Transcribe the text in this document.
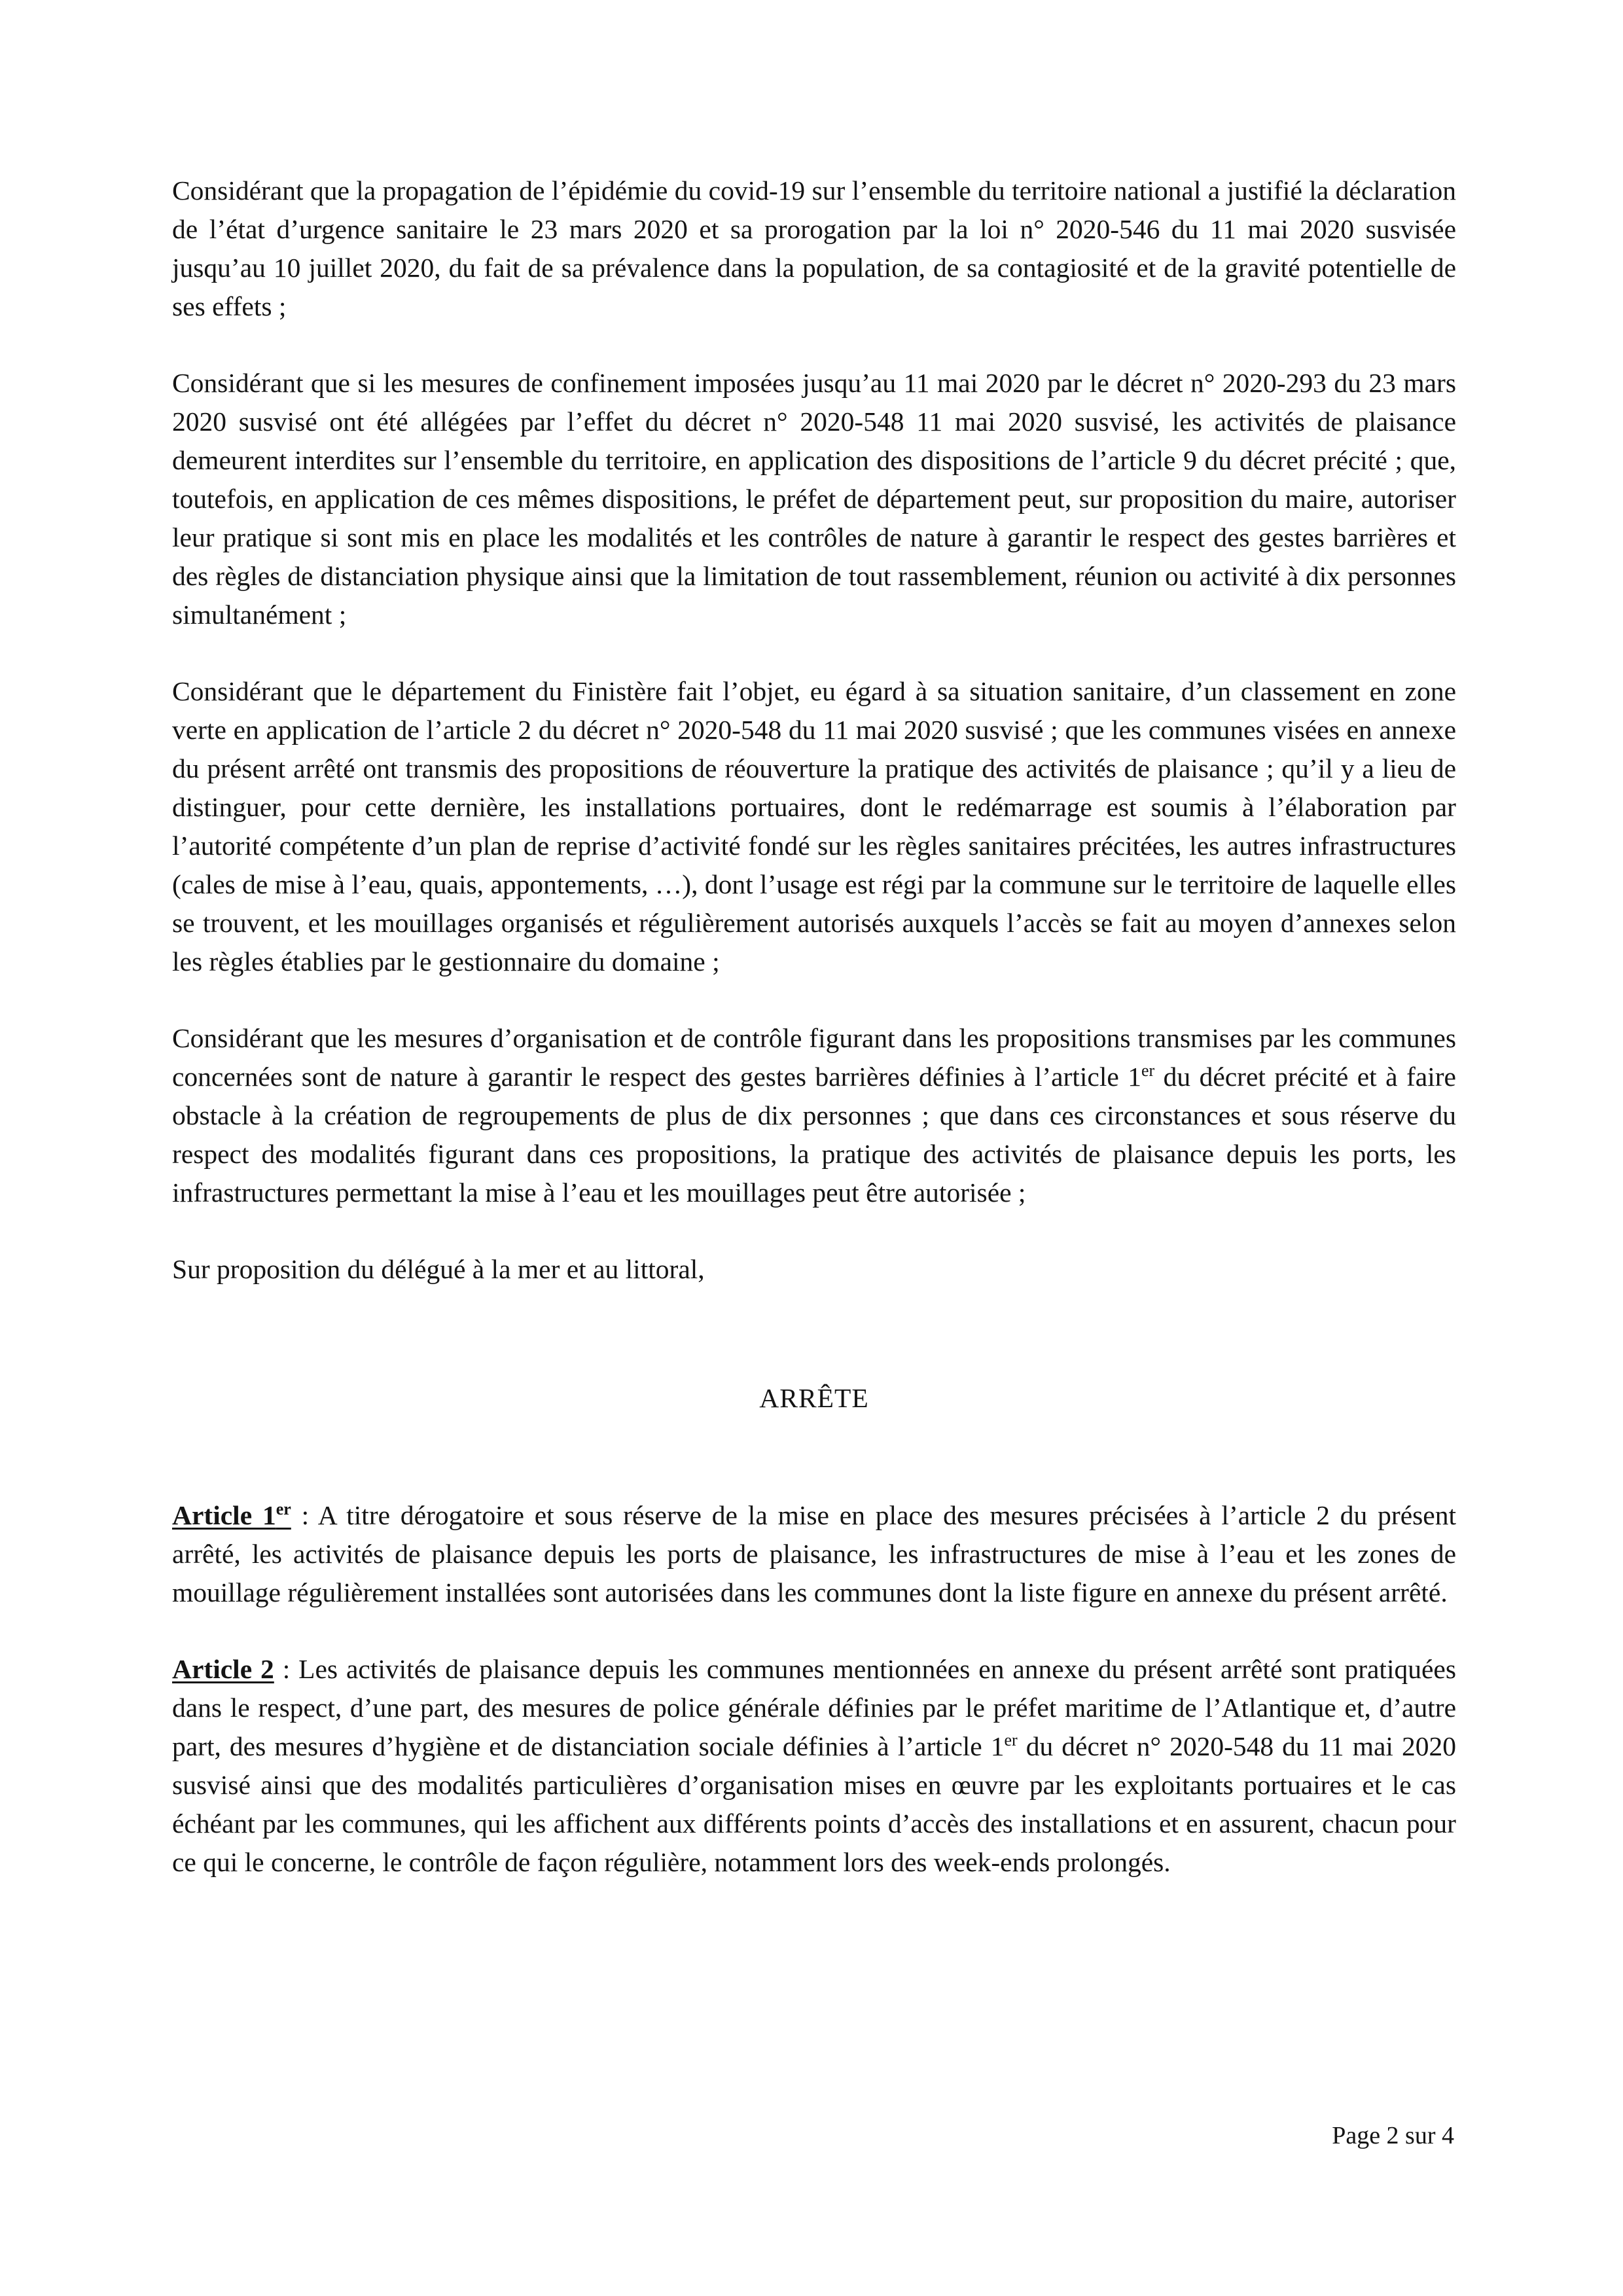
Considérant que la propagation de l’épidémie du covid-19 sur l’ensemble du territoire national a justifié la déclaration de l’état d’urgence sanitaire le 23 mars 2020 et sa prorogation par la loi n° 2020-546 du 11 mai 2020 susvisée jusqu’au 10 juillet 2020, du fait de sa prévalence dans la population, de sa contagiosité et de la gravité potentielle de ses effets ;

Considérant que si les mesures de confinement imposées jusqu’au 11 mai 2020 par le décret n° 2020-293 du 23 mars 2020 susvisé ont été allégées par l’effet du décret n° 2020-548 11 mai 2020 susvisé, les activités de plaisance demeurent interdites sur l’ensemble du territoire, en application des dispositions de l’article 9 du décret précité ; que, toutefois, en application de ces mêmes dispositions, le préfet de département peut, sur proposition du maire, autoriser leur pratique si sont mis en place les modalités et les contrôles de nature à garantir le respect des gestes barrières et des règles de distanciation physique ainsi que la limitation de tout rassemblement, réunion ou activité à dix personnes simultanément ;

Considérant que le département du Finistère fait l’objet, eu égard à sa situation sanitaire, d’un classement en zone verte en application de l’article 2 du décret n° 2020-548 du 11 mai 2020 susvisé ; que les communes visées en annexe du présent arrêté ont transmis des propositions de réouverture la pratique des activités de plaisance ; qu’il y a lieu de distinguer, pour cette dernière, les installations portuaires, dont le redémarrage est soumis à l’élaboration par l’autorité compétente d’un plan de reprise d’activité fondé sur les règles sanitaires précitées, les autres infrastructures (cales de mise à l’eau, quais, appontements, …), dont l’usage est régi par la commune sur le territoire de laquelle elles se trouvent, et les mouillages organisés et régulièrement autorisés auxquels l’accès se fait au moyen d’annexes selon les règles établies par le gestionnaire du domaine ;

Considérant que les mesures d’organisation et de contrôle figurant dans les propositions transmises par les communes concernées sont de nature à garantir le respect des gestes barrières définies à l’article 1er du décret précité et à faire obstacle à la création de regroupements de plus de dix personnes ; que dans ces circonstances et sous réserve du respect des modalités figurant dans ces propositions, la pratique des activités de plaisance depuis les ports, les infrastructures permettant la mise à l’eau et les mouillages peut être autorisée ;

Sur proposition du délégué à la mer et au littoral,

ARRÊTE

Article 1er : A titre dérogatoire et sous réserve de la mise en place des mesures précisées à l’article 2 du présent arrêté, les activités de plaisance depuis les ports de plaisance, les infrastructures de mise à l’eau et les zones de mouillage régulièrement installées sont autorisées dans les communes dont la liste figure en annexe du présent arrêté.

Article 2 : Les activités de plaisance depuis les communes mentionnées en annexe du présent arrêté sont pratiquées dans le respect, d’une part, des mesures de police générale définies par le préfet maritime de l’Atlantique et, d’autre part, des mesures d’hygiène et de distanciation sociale définies à l’article 1er du décret n° 2020-548 du 11 mai 2020 susvisé ainsi que des modalités particulières d’organisation mises en œuvre par les exploitants portuaires et le cas échéant par les communes, qui les affichent aux différents points d’accès des installations et en assurent, chacun pour ce qui le concerne, le contrôle de façon régulière, notamment lors des week-ends prolongés.

Page 2 sur 4
